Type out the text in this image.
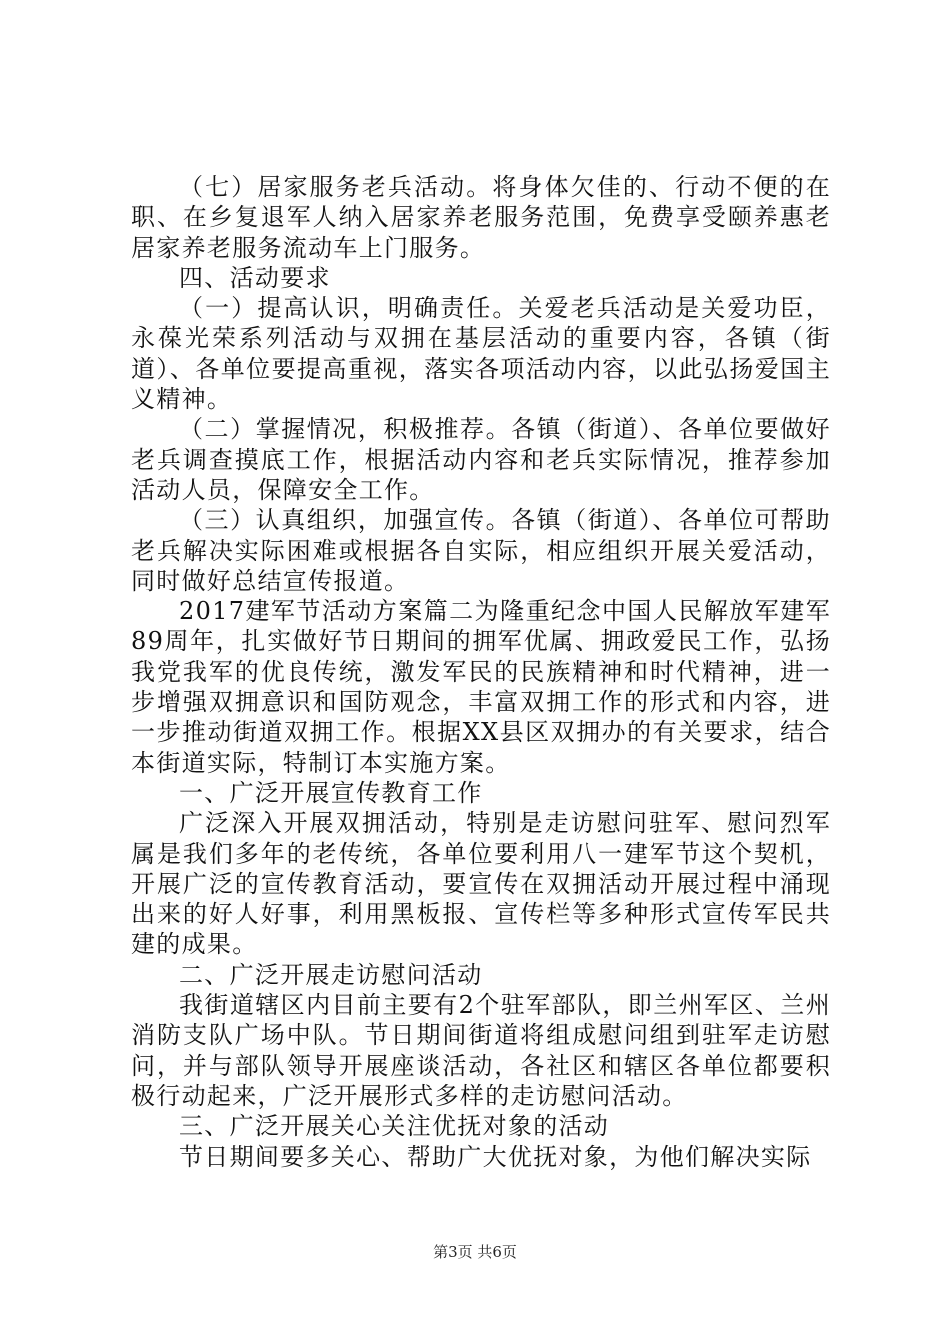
（七）居家服务老兵活动。将身体欠佳的、行动不便的在职、在乡复退军人纳入居家养老服务范围，免费享受颐养惠老居家养老服务流动车上门服务。

四、活动要求

（一）提高认识，明确责任。关爱老兵活动是关爱功臣，永葆光荣系列活动与双拥在基层活动的重要内容，各镇（街道）、各单位要提高重视，落实各项活动内容，以此弘扬爱国主义精神。

（二）掌握情况，积极推荐。各镇（街道）、各单位要做好老兵调查摸底工作，根据活动内容和老兵实际情况，推荐参加活动人员，保障安全工作。

（三）认真组织，加强宣传。各镇（街道）、各单位可帮助老兵解决实际困难或根据各自实际，相应组织开展关爱活动，同时做好总结宣传报道。

2017建军节活动方案篇二为隆重纪念中国人民解放军建军89周年，扎实做好节日期间的拥军优属、拥政爱民工作，弘扬我党我军的优良传统，激发军民的民族精神和时代精神，进一步增强双拥意识和国防观念，丰富双拥工作的形式和内容，进一步推动街道双拥工作。根据XX县区双拥办的有关要求，结合本街道实际，特制订本实施方案。

一、广泛开展宣传教育工作

广泛深入开展双拥活动，特别是走访慰问驻军、慰问烈军属是我们多年的老传统，各单位要利用八一建军节这个契机，开展广泛的宣传教育活动，要宣传在双拥活动开展过程中涌现出来的好人好事，利用黑板报、宣传栏等多种形式宣传军民共建的成果。

二、广泛开展走访慰问活动

我街道辖区内目前主要有2个驻军部队，即兰州军区、兰州消防支队广场中队。节日期间街道将组成慰问组到驻军走访慰问，并与部队领导开展座谈活动，各社区和辖区各单位都要积极行动起来，广泛开展形式多样的走访慰问活动。

三、广泛开展关心关注优抚对象的活动

节日期间要多关心、帮助广大优抚对象，为他们解决实际

第3页 共6页
